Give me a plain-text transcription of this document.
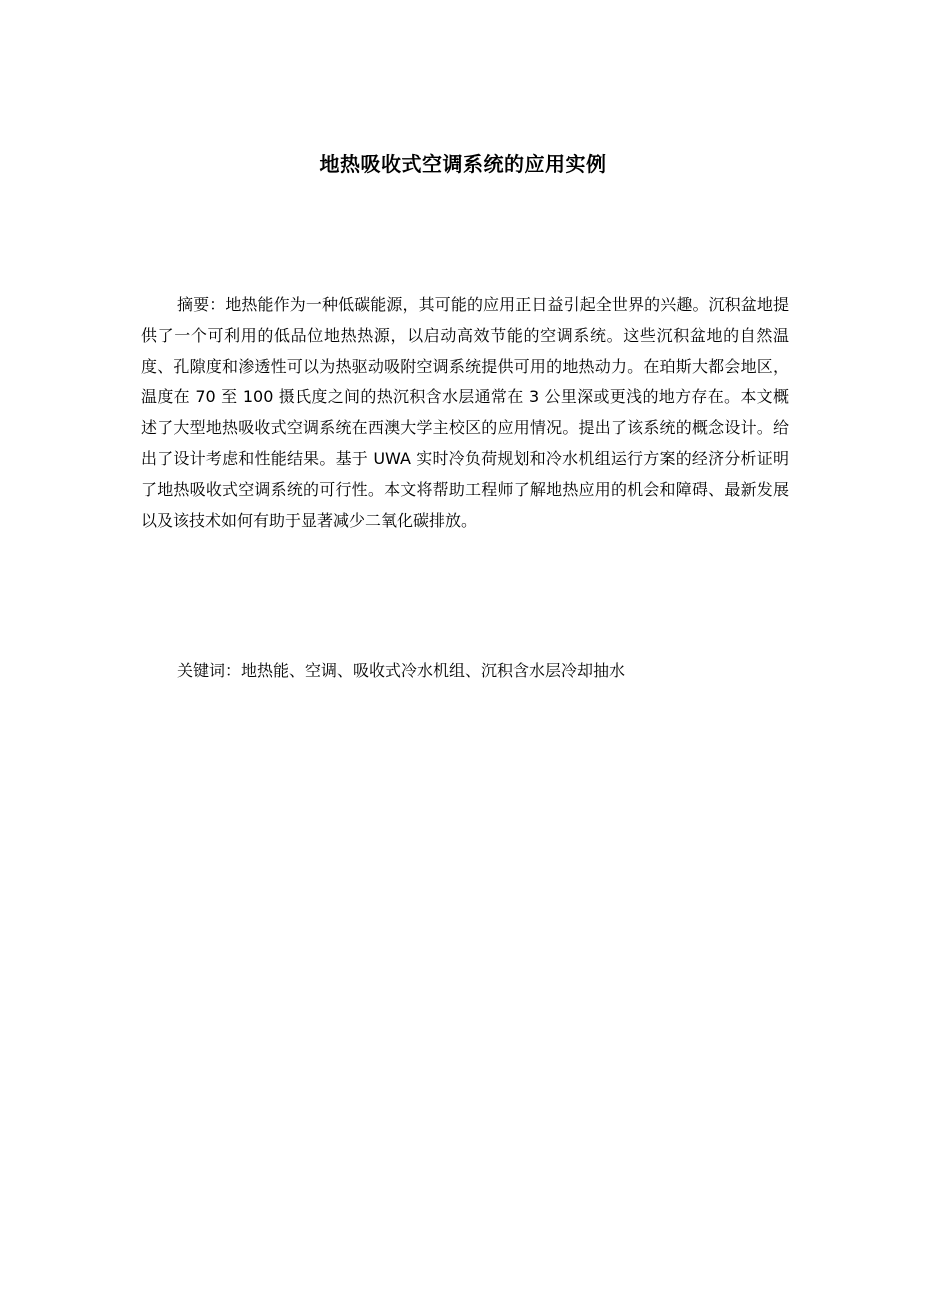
地热吸收式空调系统的应用实例

摘要：地热能作为一种低碳能源，其可能的应用正日益引起全世界的兴趣。沉积盆地提供了一个可利用的低品位地热热源，以启动高效节能的空调系统。这些沉积盆地的自然温度、孔隙度和渗透性可以为热驱动吸附空调系统提供可用的地热动力。在珀斯大都会地区，温度在 70 至 100 摄氏度之间的热沉积含水层通常在 3 公里深或更浅的地方存在。本文概述了大型地热吸收式空调系统在西澳大学主校区的应用情况。提出了该系统的概念设计。给出了设计考虑和性能结果。基于 UWA 实时冷负荷规划和冷水机组运行方案的经济分析证明了地热吸收式空调系统的可行性。本文将帮助工程师了解地热应用的机会和障碍、最新发展以及该技术如何有助于显著减少二氧化碳排放。

关键词：地热能、空调、吸收式冷水机组、沉积含水层冷却抽水
